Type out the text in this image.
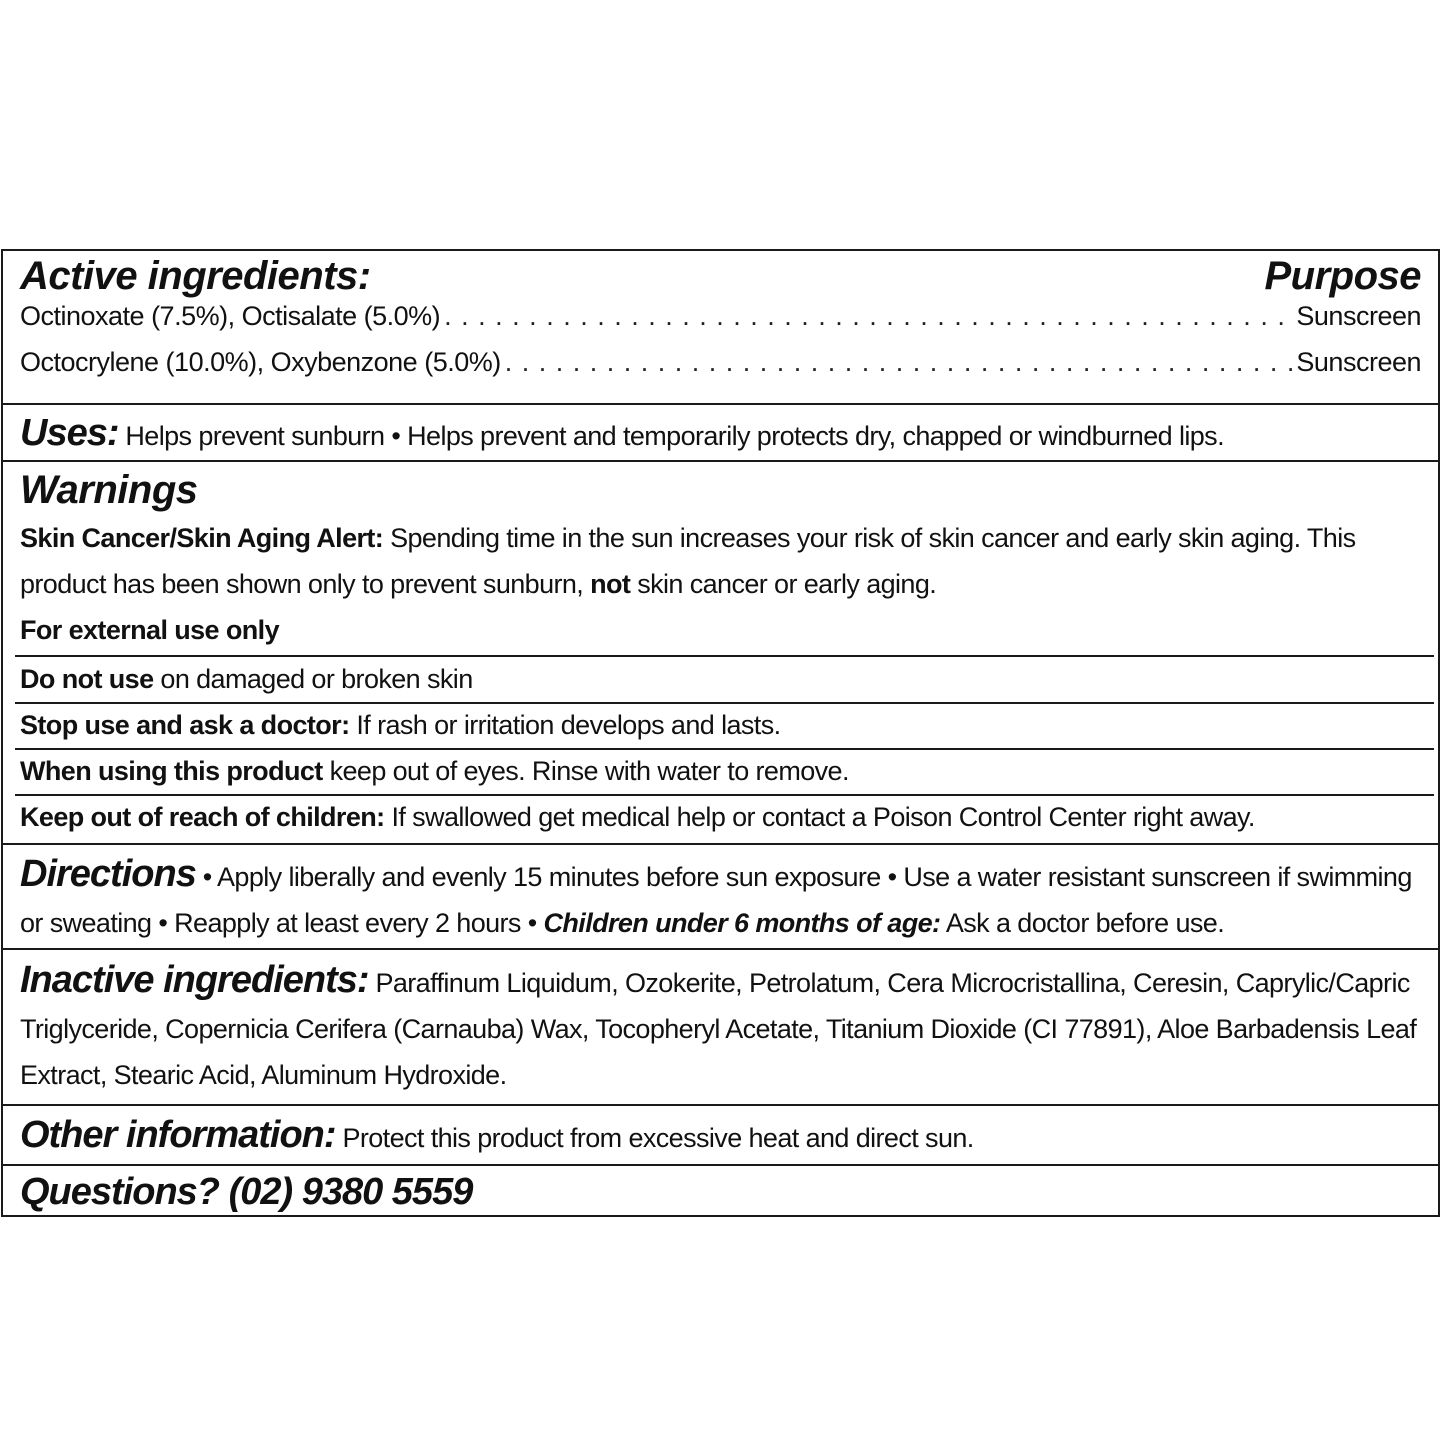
Active ingredients:	Purpose
Octinoxate (7.5%), Octisalate (5.0%) . . .	Sunscreen
Octocrylene (10.0%), Oxybenzone (5.0%) . . .	Sunscreen
Uses: Helps prevent sunburn • Helps prevent and temporarily protects dry, chapped or windburned lips.
Warnings
Skin Cancer/Skin Aging Alert: Spending time in the sun increases your risk of skin cancer and early skin aging. This product has been shown only to prevent sunburn, not skin cancer or early aging.
For external use only
Do not use on damaged or broken skin
Stop use and ask a doctor: If rash or irritation develops and lasts.
When using this product keep out of eyes. Rinse with water to remove.
Keep out of reach of children: If swallowed get medical help or contact a Poison Control Center right away.
Directions • Apply liberally and evenly 15 minutes before sun exposure • Use a water resistant sunscreen if swimming or sweating • Reapply at least every 2 hours • Children under 6 months of age: Ask a doctor before use.
Inactive ingredients: Paraffinum Liquidum, Ozokerite, Petrolatum, Cera Microcristallina, Ceresin, Caprylic/Capric Triglyceride, Copernicia Cerifera (Carnauba) Wax, Tocopheryl Acetate, Titanium Dioxide (CI 77891), Aloe Barbadensis Leaf Extract, Stearic Acid, Aluminum Hydroxide.
Other information: Protect this product from excessive heat and direct sun.
Questions? (02) 9380 5559
